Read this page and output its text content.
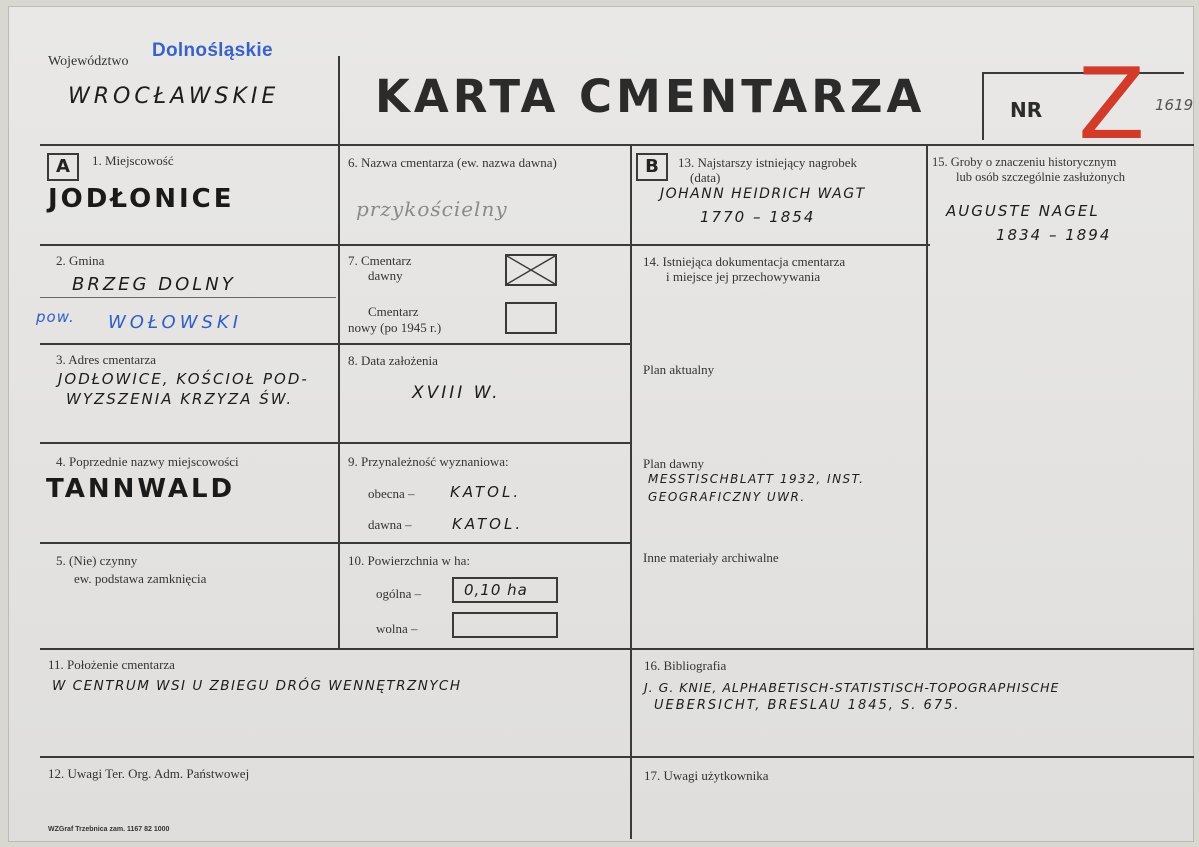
Województwo
Dolnośląskie
WROCŁAWSKIE KARTA CMENTARZA	NR Z 1619
A	1. Miejscowość
JODŁONICE
2. Gmina
BRZEG DOLNY
pow. WOŁOWSKI
3. Adres cmentarza
JODŁOWICE, KOŚCIOŁ POD-
WYZSZENIA KRZYZA ŚW.
4. Poprzednie nazwy miejscowości
TANNWALD
5. (Nie) czynny
ew. podstawa zamknięcia
6. Nazwa cmentarza (ew. nazwa dawna)
przykościelny
7. Cmentarz
dawny
Cmentarz
nowy (po 1945 r.)
8. Data założenia
XVIII W.
9. Przynależność wyznaniowa:
obecna – KATOL.
dawna –	KATOL.
10. Powierzchnia w ha:
ogólna –	0,10 ha
wolna –
B	13. Najstarszy istniejący nagrobek
(data)
JOHANN HEIDRICH WAGT
1770 – 1854
14. Istniejąca dokumentacja cmentarza
i miejsce jej przechowywania
Plan aktualny
Plan dawny
MESSTISCHBLATT 1932, INST.
GEOGRAFICZNY UWR.
Inne materiały archiwalne
15. Groby o znaczeniu historycznym
lub osób szczególnie zasłużonych
AUGUSTE NAGEL
1834 – 1894
11. Położenie cmentarza
W CENTRUM WSI U ZBIEGU DRÓG WENNĘTRZNYCH
16. Bibliografia
J. G. KNIE, ALPHABETISCH-STATISTISCH-TOPOGRAPHISCHE
UEBERSICHT, BRESLAU 1845, S. 675.
12. Uwagi Ter. Org. Adm. Państwowej	17. Uwagi użytkownika
WZGraf Trzebnica zam. 1167 82 1000
